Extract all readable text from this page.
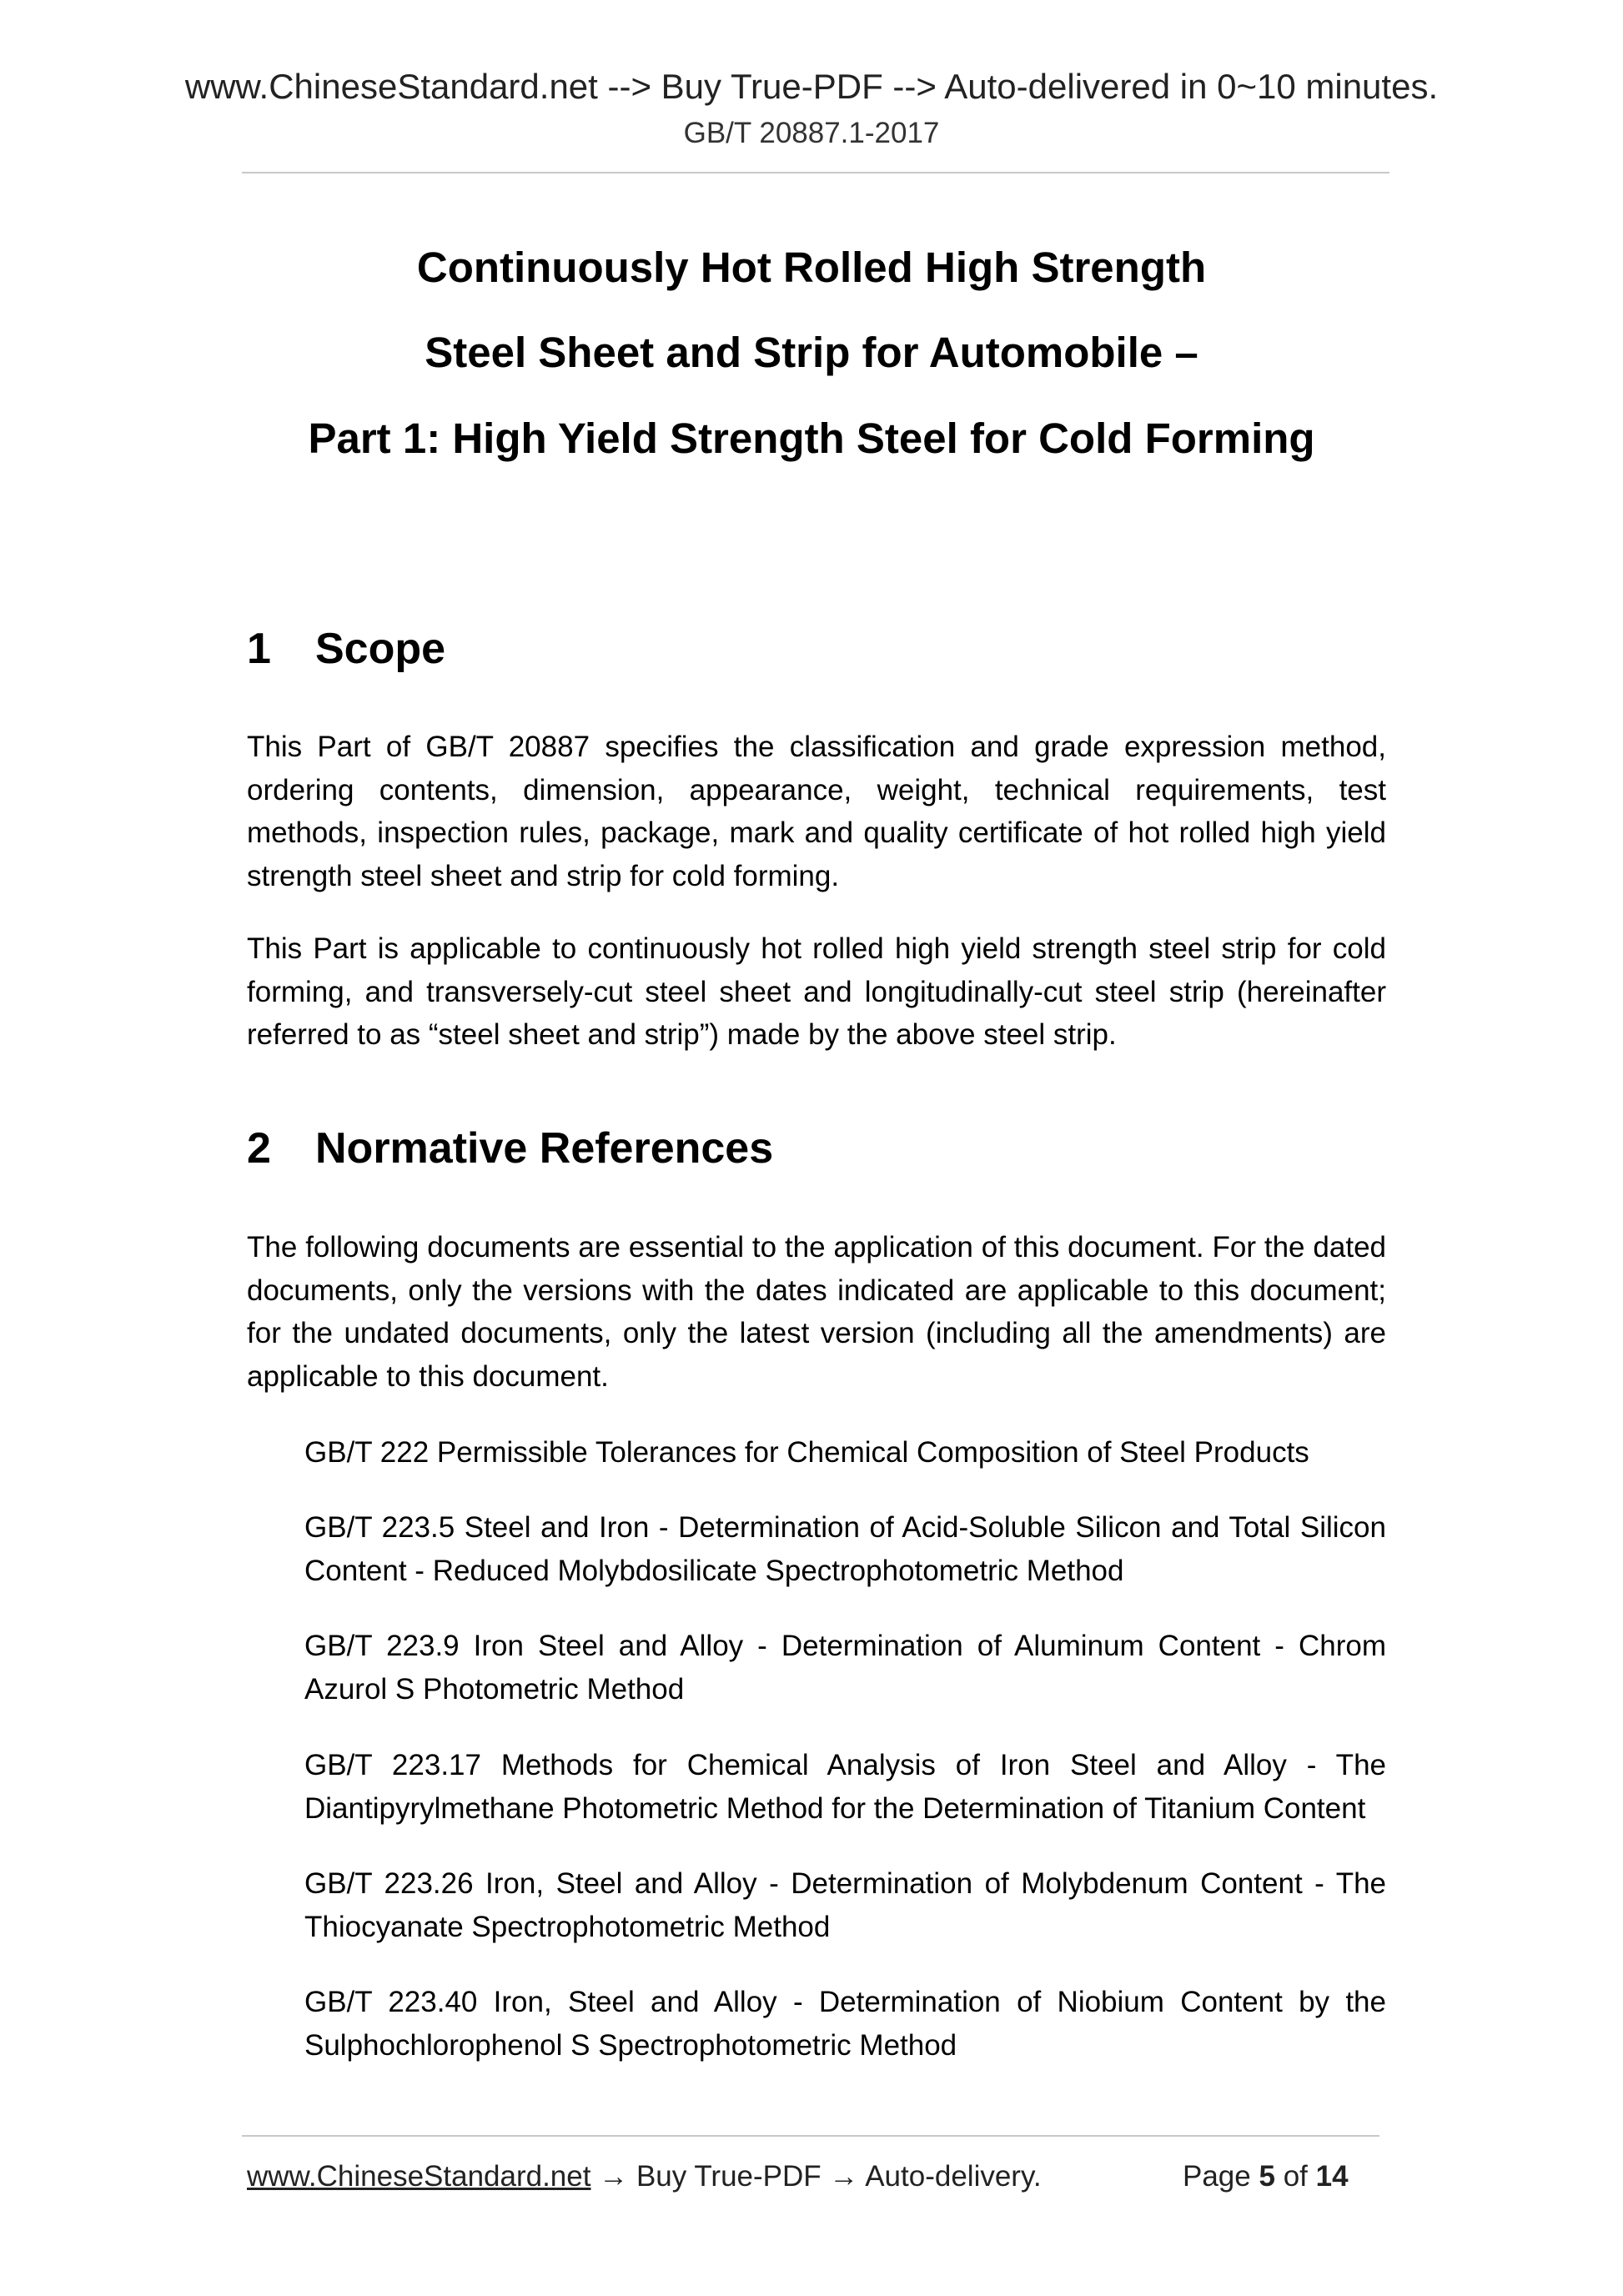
www.ChineseStandard.net --> Buy True-PDF --> Auto-delivered in 0~10 minutes.
GB/T 20887.1-2017
Continuously Hot Rolled High Strength
Steel Sheet and Strip for Automobile –
Part 1: High Yield Strength Steel for Cold Forming
1 Scope

This Part of GB/T 20887 specifies the classification and grade expression method, ordering contents, dimension, appearance, weight, technical requirements, test methods, inspection rules, package, mark and quality certificate of hot rolled high yield strength steel sheet and strip for cold forming.

This Part is applicable to continuously hot rolled high yield strength steel strip for cold forming, and transversely-cut steel sheet and longitudinally-cut steel strip (hereinafter referred to as “steel sheet and strip”) made by the above steel strip.

2 Normative References

The following documents are essential to the application of this document. For the dated documents, only the versions with the dates indicated are applicable to this document; for the undated documents, only the latest version (including all the amendments) are applicable to this document.

GB/T 222 Permissible Tolerances for Chemical Composition of Steel Products

GB/T 223.5 Steel and Iron - Determination of Acid-Soluble Silicon and Total Silicon Content - Reduced Molybdosilicate Spectrophotometric Method

GB/T 223.9 Iron Steel and Alloy - Determination of Aluminum Content - Chrom Azurol S Photometric Method

GB/T 223.17 Methods for Chemical Analysis of Iron Steel and Alloy - The Diantipyrylmethane Photometric Method for the Determination of Titanium Content

GB/T 223.26 Iron, Steel and Alloy - Determination of Molybdenum Content - The Thiocyanate Spectrophotometric Method

GB/T 223.40 Iron, Steel and Alloy - Determination of Niobium Content by the Sulphochlorophenol S Spectrophotometric Method

www.ChineseStandard.net → Buy True-PDF → Auto-delivery.	Page 5 of 14
